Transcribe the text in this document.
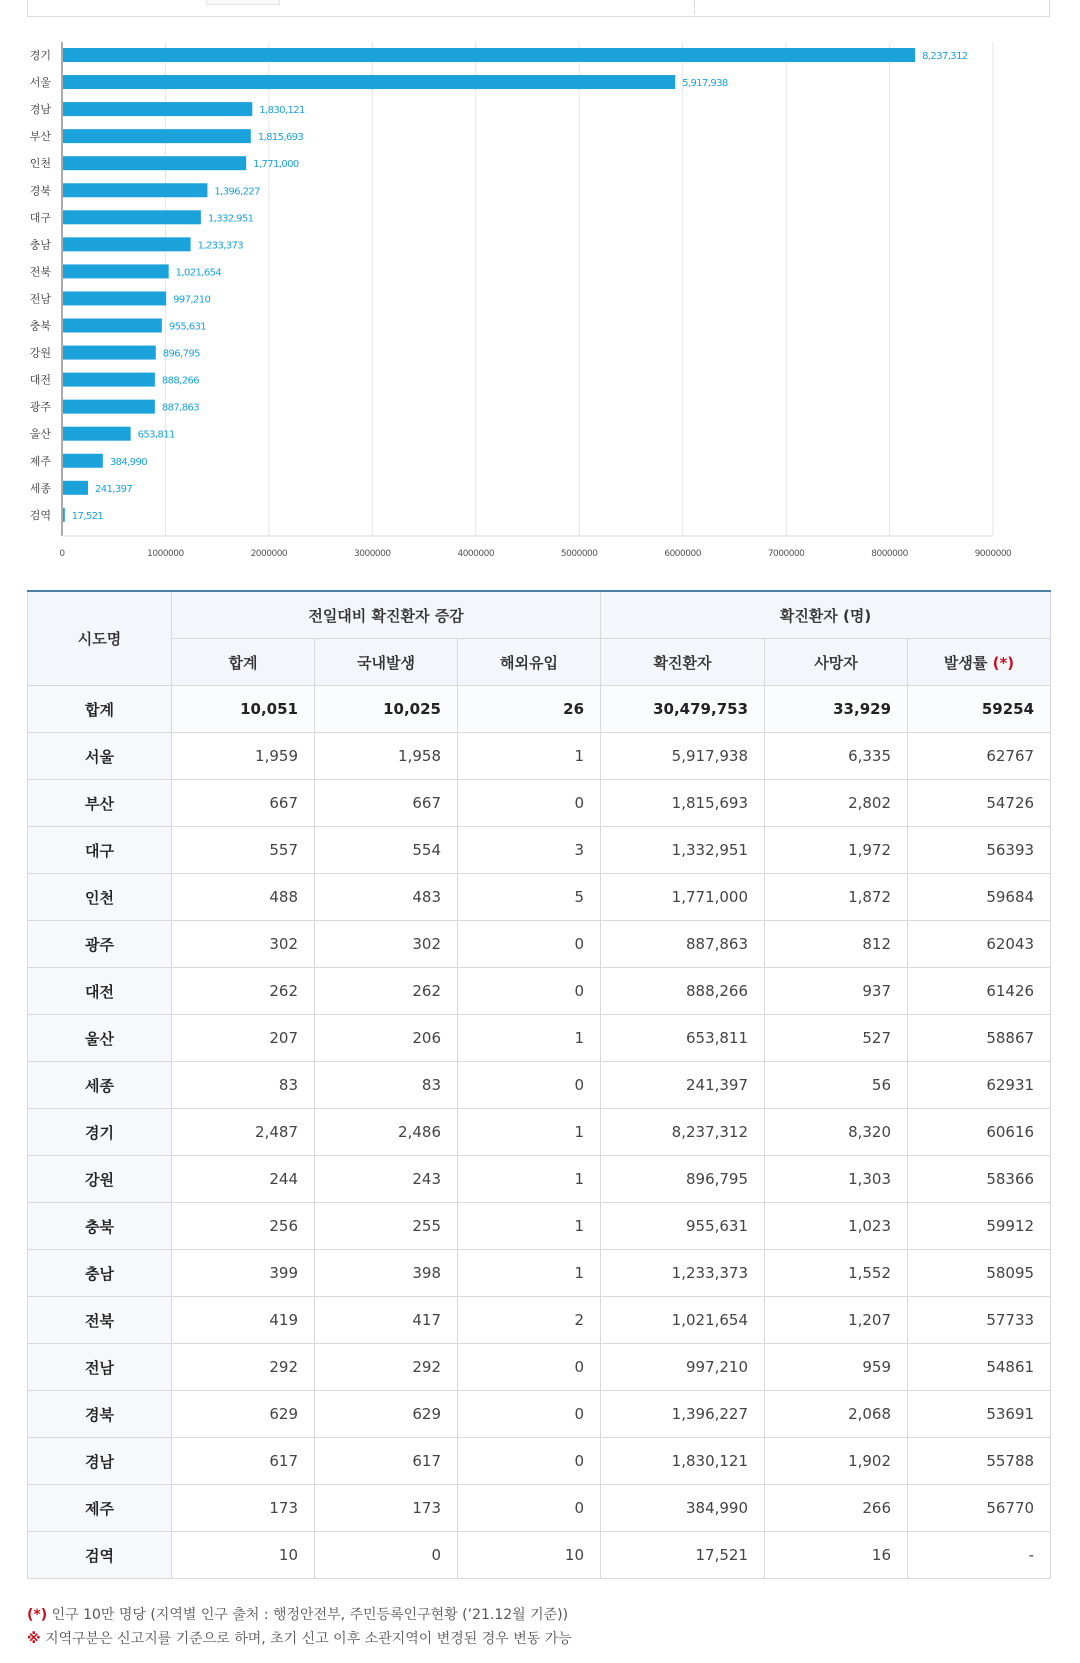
0	1000000	2000000	3000000	4000000	5000000	6000000	7000000	8000000	9000000
경기	8,237,312
서울	5,917,938
경남	1,830,121
부산	1,815,693
인천	1,771,000
경북	1,396,227
대구	1,332,951
충남	1,233,373
전북	1,021,654
전남	997,210
충북	955,631
강원	896,795
대전	888,266
광주	887,863
울산	653,811
제주	384,990
세종	241,397
검역 17,521
시도명	전일대비 확진환자 증감			확진환자 (명)		
	합계	국내발생	해외유입	확진환자	사망자	발생률 (*)
합계	10,051	10,025	26	30,479,753	33,929	59254
서울	1,959	1,958	1	5,917,938	6,335	62767
부산	667	667	0	1,815,693	2,802	54726
대구	557	554	3	1,332,951	1,972	56393
인천	488	483	5	1,771,000	1,872	59684
광주	302	302	0	887,863	812	62043
대전	262	262	0	888,266	937	61426
울산	207	206	1	653,811	527	58867
세종	83	83	0	241,397	56	62931
경기	2,487	2,486	1	8,237,312	8,320	60616
강원	244	243	1	896,795	1,303	58366
충북	256	255	1	955,631	1,023	59912
충남	399	398	1	1,233,373	1,552	58095
전북	419	417	2	1,021,654	1,207	57733
전남	292	292	0	997,210	959	54861
경북	629	629	0	1,396,227	2,068	53691
경남	617	617	0	1,830,121	1,902	55788
제주	173	173	0	384,990	266	56770
검역	10	0	10	17,521	16	-
(*) 인구 10만 명당 (지역별 인구 출처 : 행정안전부, 주민등록인구현황 (’21.12월 기준))
※ 지역구분은 신고지를 기준으로 하며, 초기 신고 이후 소관지역이 변경된 경우 변동 가능
